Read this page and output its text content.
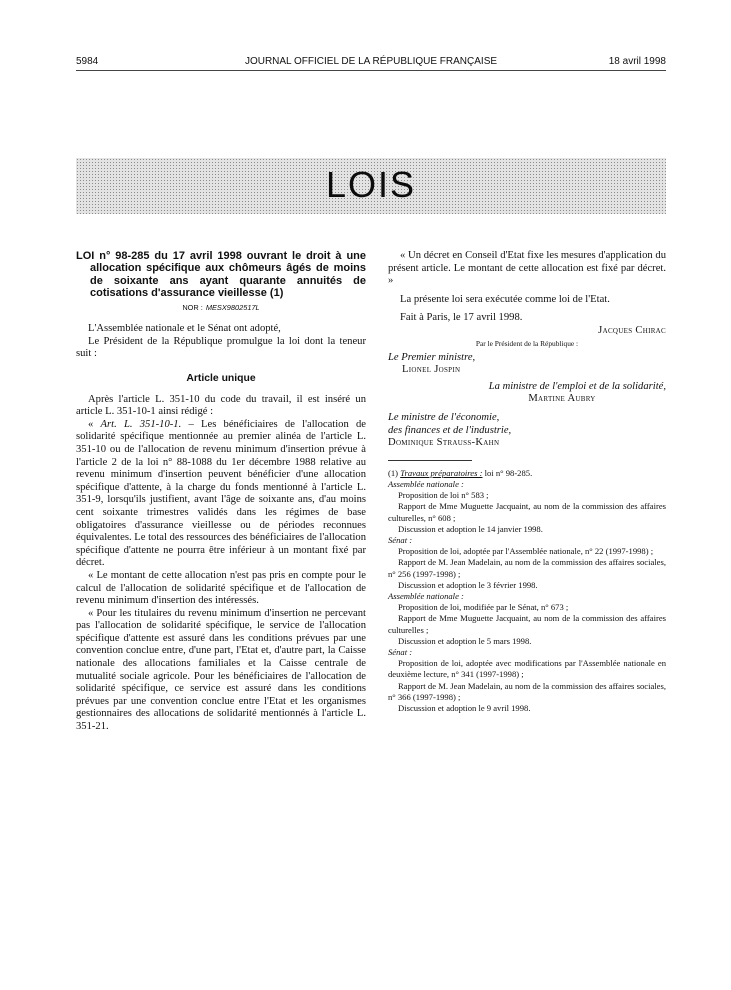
5984	JOURNAL OFFICIEL DE LA RÉPUBLIQUE FRANÇAISE	18 avril 1998
LOIS
LOI n° 98-285 du 17 avril 1998 ouvrant le droit à une allocation spécifique aux chômeurs âgés de moins de soixante ans ayant quarante annuités de cotisations d'assurance vieillesse (1)
NOR : MESX9802517L
L'Assemblée nationale et le Sénat ont adopté,
Le Président de la République promulgue la loi dont la teneur suit :
Article unique
Après l'article L. 351-10 du code du travail, il est inséré un article L. 351-10-1 ainsi rédigé :
« Art. L. 351-10-1. – Les bénéficiaires de l'allocation de solidarité spécifique mentionnée au premier alinéa de l'article L. 351-10 ou de l'allocation de revenu minimum d'insertion prévue à l'article 2 de la loi n° 88-1088 du 1er décembre 1988 relative au revenu minimum d'insertion peuvent bénéficier d'une allocation spécifique d'attente, à la charge du fonds mentionné à l'article L. 351-9, lorsqu'ils justifient, avant l'âge de soixante ans, d'au moins cent soixante trimestres validés dans les régimes de base obligatoires d'assurance vieillesse ou de périodes reconnues équivalentes. Le total des ressources des bénéficiaires de l'allocation spécifique d'attente ne pourra être inférieur à un montant fixé par décret.
« Le montant de cette allocation n'est pas pris en compte pour le calcul de l'allocation de solidarité spécifique et de l'allocation de revenu minimum d'insertion des intéressés.
« Pour les titulaires du revenu minimum d'insertion ne percevant pas l'allocation de solidarité spécifique, le service de l'allocation spécifique d'attente est assuré dans les conditions prévues par une convention conclue entre, d'une part, l'Etat et, d'autre part, la Caisse nationale des allocations familiales et la Caisse centrale de mutualité sociale agricole. Pour les bénéficiaires de l'allocation de solidarité spécifique, ce service est assuré dans les conditions prévues par une convention conclue entre l'Etat et les organismes gestionnaires des allocations de solidarité mentionnés à l'article L. 351-21.
« Un décret en Conseil d'Etat fixe les mesures d'application du présent article. Le montant de cette allocation est fixé par décret. »
La présente loi sera exécutée comme loi de l'Etat.
Fait à Paris, le 17 avril 1998.
Jacques Chirac
Par le Président de la République :
Le Premier ministre,
Lionel Jospin
La ministre de l'emploi et de la solidarité,
Martine Aubry
Le ministre de l'économie,
des finances et de l'industrie,
Dominique Strauss-Kahn
(1) Travaux préparatoires : loi n° 98-285.
Assemblée nationale :
Proposition de loi n° 583 ;
Rapport de Mme Muguette Jacquaint, au nom de la commission des affaires culturelles, n° 608 ;
Discussion et adoption le 14 janvier 1998.
Sénat :
Proposition de loi, adoptée par l'Assemblée nationale, n° 22 (1997-1998) ;
Rapport de M. Jean Madelain, au nom de la commission des affaires sociales, n° 256 (1997-1998) ;
Discussion et adoption le 3 février 1998.
Assemblée nationale :
Proposition de loi, modifiée par le Sénat, n° 673 ;
Rapport de Mme Muguette Jacquaint, au nom de la commission des affaires culturelles ;
Discussion et adoption le 5 mars 1998.
Sénat :
Proposition de loi, adoptée avec modifications par l'Assemblée nationale en deuxième lecture, n° 341 (1997-1998) ;
Rapport de M. Jean Madelain, au nom de la commission des affaires sociales, n° 366 (1997-1998) ;
Discussion et adoption le 9 avril 1998.
